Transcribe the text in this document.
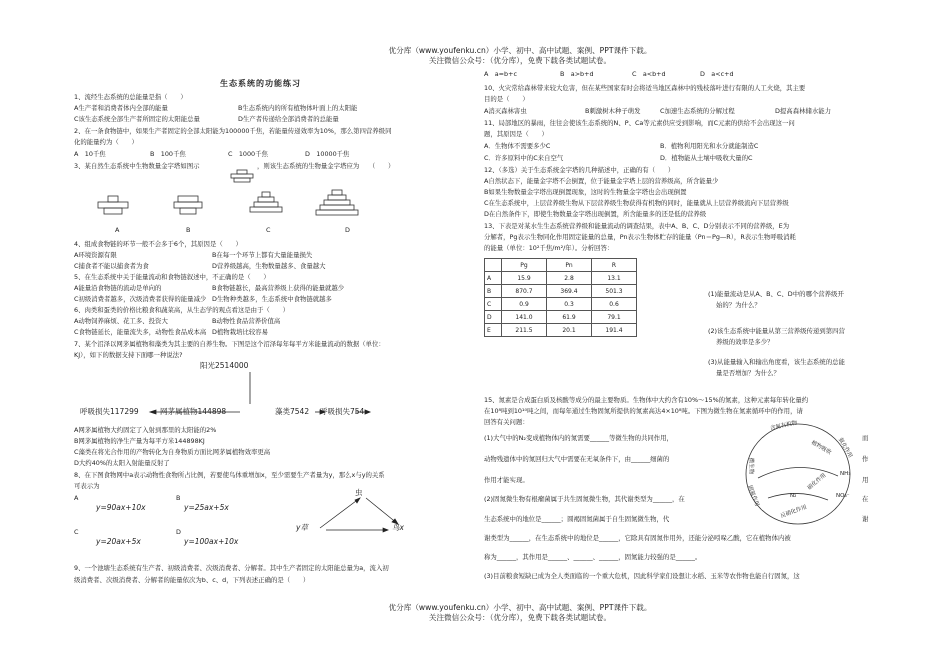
优分库（www.youfenku.cn）小学、初中、高中试题、案例、PPT课件下载。
关注微信公众号：（优分库），免费下载各类试题试卷。
优分库（www.youfenku.cn）小学、初中、高中试题、案例、PPT课件下载。
关注微信公众号：（优分库），免费下载各类试题试卷。
生态系统的功能练习
1、流经生态系统的总能量是指（　　）
A生产者和消费者体内全部的能量	B生态系统内的所有植物体叶面上的太阳能
C该生态系统全部生产者所固定的太阳能总量	D生产者传递给全部消费者的总能量
2、在一条食物链中，如果生产者固定的全部太阳能为100000千焦，若能量传递效率为10%，那么第四营养级同
化的能量约为（　　）
A　10千焦	B　100千焦	C　1000千焦	D　10000千焦
3、某自然生态系统中生物数量金字塔如图示	，则该生态系统的生物量金字塔应为　　（　　）
A	B	C	D
4、组成食物链的环节一般不会多于6个，其原因是（　　）
A环境资源有限	B在每一个环节上都有大量能量损失
C捕食者不能以捕食者为食	D营养级越高，生物数量越多、食量越大
5、在生态系统中关于能量流动和食物链叙述中，不正确的是（　　）
A能量沿食物链的流动是单向的	B食物链越长，最高营养级上获得的能量就越少
C初级消费者越多，次级消费者获得的能量减少 D生物种类越多，生态系统中食物链就越多
6、肉类和蛋类的价格比粮食和蔬菜高，从生态学的观点看这是由于（　　）
A动物饲养麻烦、花工多、投资大	B动物性食品营养价值高
C食物链延长，能量流失多，动物性食品成本高 D植物栽培比较容易
7、某个沼泽以网茅属植物和藻类为其主要的自养生物。下图是这个沼泽每年每平方米能量流动的数据（单位：
KJ），如下的数据支持下面哪一种说法?
阳光2514000
呼吸损失117299	网茅属植物144898	藻类7542 呼吸损失754
A网茅属植物大约固定了入射到那里的太阳能的2%
B网茅属植物的净生产量为每平方米144898KJ
C藻类在将光合作用的产物转化为自身物质方面比网茅属植物效率更高
D大约40%的太阳入射能量反射了
8、在下图食物网中a表示动物性食物所占比例，若要使鸟体重增加x，至少需要生产者量为y，那么x与y的关系
可表示为
A
y=90ax+10x
B
y=25ax+5x
C
y=20ax+5x
D
y=100ax+10x
虫
y草	鸟x
9、一个池塘生态系统有生产者、初级消费者、次级消费者、分解者。其中生产者固定的太阳能总量为a，流入初
级消费者、次级消费者、分解者的能量依次为b、c、d，下列表述正确的是（　　）
A　a=b+c	B　a>b+d	C　a<b+d	D　a<c+d
10、火灾常给森林带来较大危害，但在某些国家有时会将适当地区森林中的残枝落叶进行有限的人工火烧，其主要
目的是（　　）
A消灭森林害虫	B刺激树木种子萌发	C加速生态系统的分解过程	D提高森林储水能力
11、局部地区的暴雨，往往会使该生态系统的N、P、Ca等元素供应受到影响，而C元素的供给不会出现这一问
题，其原因是（　　）
A．生物体不需要多少C	B．植物利用阳光和水分就能制造C
C．许多原料中的C来自空气	D．植物能从土壤中吸收大量的C
12、（多选）关于生态系统金字塔的几种描述中，正确的有（　　）
A自然状态下，能量金字塔不会倒置，位于能量金字塔上层的营养级高，所含能量少
B如果生物数量金字塔出现倒置现象，这时的生物量金字塔也会出现倒置
C在生态系统中，上层营养级生物从下层营养级生物获得有机物的同时，能量就从上层营养级流向下层营养级
D在自然条件下，即使生物数量金字塔出现倒置，所含能量多的还是低的营养级
13、下表是对某水生生态系统营养级和能量流动的调查结果，表中A、B、C、D分别表示不同的营养级，E为
分解者，Pg表示生物同化作用固定能量的总量，Pn表示生物体贮存的能量（Pn＝Pg—R），R表示生物呼吸消耗
的能量（单位：10²千焦/m²/年）。分析回答：
	Pg	Pn	R
A	15.9	2.8	13.1
B	870.7	369.4	501.3
C	0.9	0.3	0.6
D	141.0	61.9	79.1
E	211.5	20.1	191.4
(1)能量流动是从A、B、C、D中的哪个营养级开
始的？为什么？
(2)该生态系统中能量从第三营养级传递到第四营
养级的效率是多少？
(3)从能量输入和输出角度看，该生态系统的总能
量是否增加？为什么？
15、氮素是合成蛋白质及核酸等成分的最主要物质。生物体中大约含有10%～15%的氮素，这种元素每年转化量约
在10⁸吨到10¹⁰吨之间，而每年通过生物固氮所提供的氮素高达4×10⁸吨。下图为微生物在氮素循环中的作用，请
回答有关问题：
(1)大气中的N₂变成植物体内的氮需要______等微生物的共同作用，
动物残遗体中的氮回归大气中需要在无氧条件下，由______细菌的
作用才能实现。
(2)固氮微生物有根瘤菌属于共生固氮微生物，其代谢类型为______，在
生态系统中的地位是______；圆褐固氮菌属于自生固氮微生物，代
谢类型为______，在生态系统中的地位是______，它除具有固氮作用外，还能分泌吲哚乙酸，它在植物体内被
称为______，其作用是______、______、______，固氮能力较强的是______。
(3)目前粮食短缺已成为全人类面临的一个重大危机，因此科学家们设想让水稻、玉米等农作物也能自行固氮，这
而
作
用
在
谢
含氮有机物
氨化作用
NH₃
硝化作用
NO₃⁻
微生物
N₂
固氮作用
反硝化作用
植物吸收
